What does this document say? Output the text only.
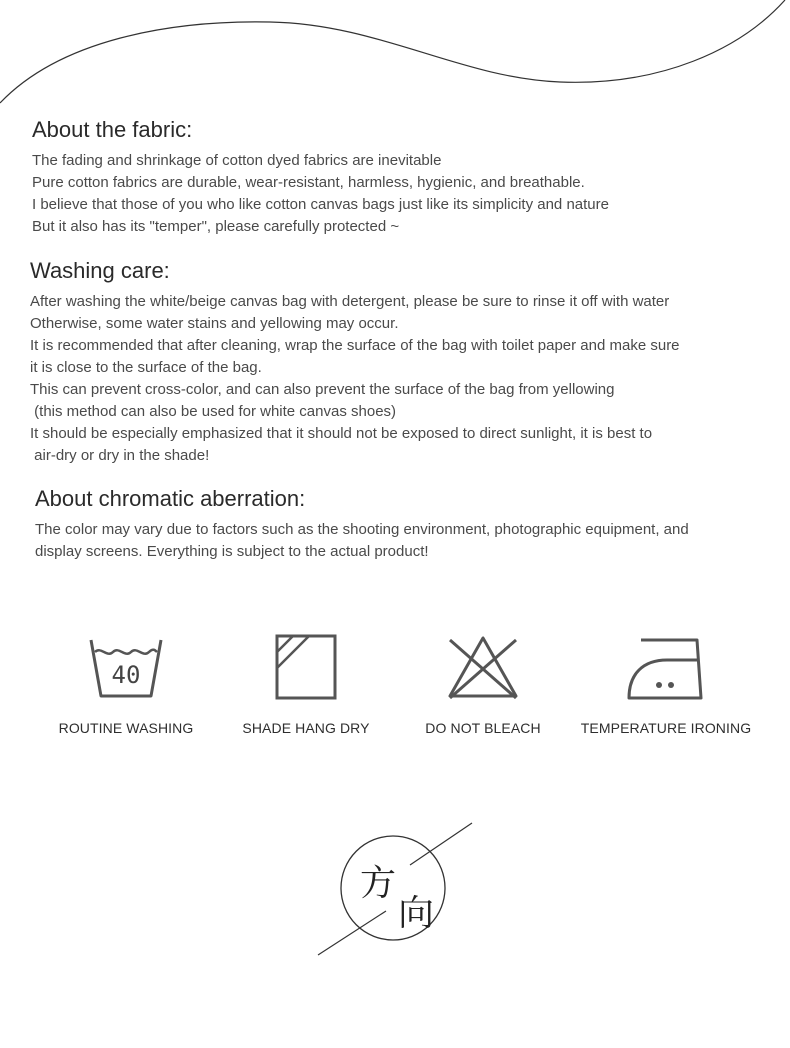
About the fabric:
The fading and shrinkage of cotton dyed fabrics are inevitable
Pure cotton fabrics are durable, wear-resistant, harmless, hygienic, and breathable.
I believe that those of you who like cotton canvas bags just like its simplicity and nature
But it also has its "temper", please carefully protected ~
Washing care:
After washing the white/beige canvas bag with detergent, please be sure to rinse it off with water
Otherwise, some water stains and yellowing may occur.
It is recommended that after cleaning, wrap the surface of the bag with toilet paper and make sure
it is close to the surface of the bag.
This can prevent cross-color, and can also prevent the surface of the bag from yellowing
(this method can also be used for white canvas shoes)
It should be especially emphasized that it should not be exposed to direct sunlight, it is best to
air-dry or dry in the shade!
About chromatic aberration:
The color may vary due to factors such as the shooting environment, photographic equipment, and
display screens. Everything is subject to the actual product!
40
ROUTINE WASHING	SHADE HANG DRY	DO NOT BLEACH	TEMPERATURE IRONING
方
向
